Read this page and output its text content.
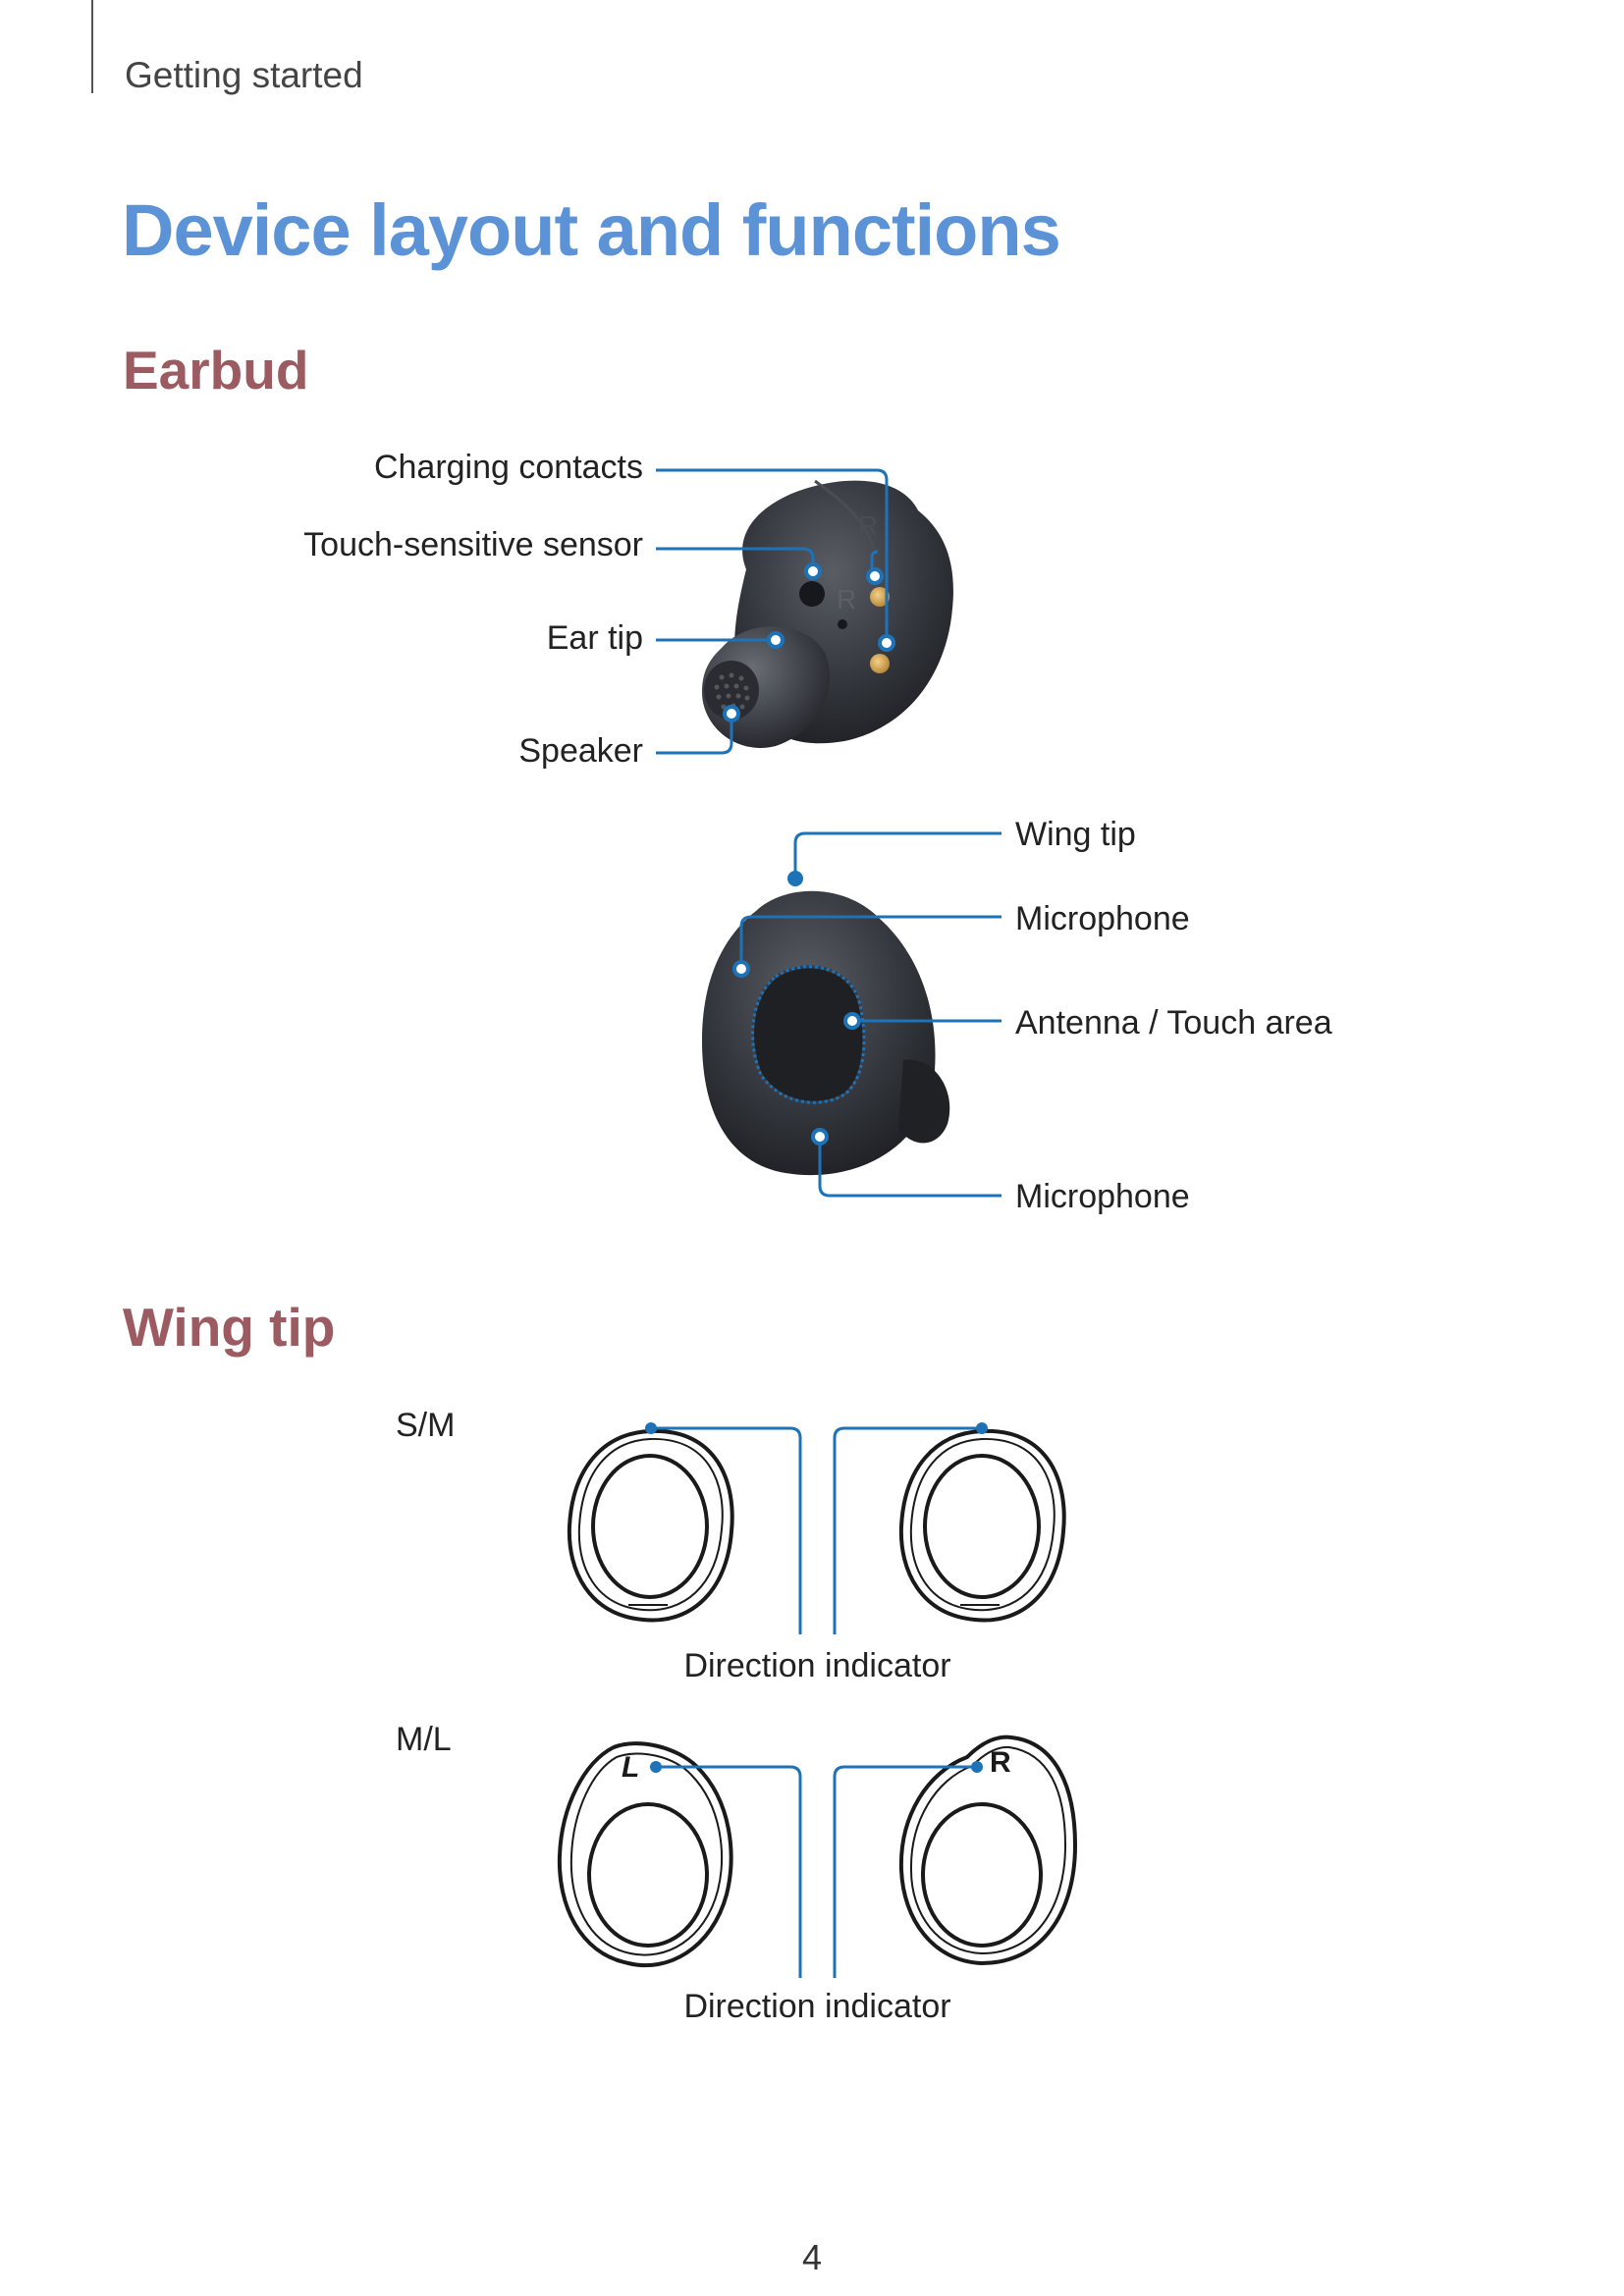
Getting started
Device layout and functions
Earbud
R
R
L	R
Charging contacts
Touch-sensitive sensor
Ear tip
Speaker
Wing tip
Microphone
Antenna / Touch area
Microphone
Wing tip
S/M
M/L
Direction indicator
Direction indicator
4
